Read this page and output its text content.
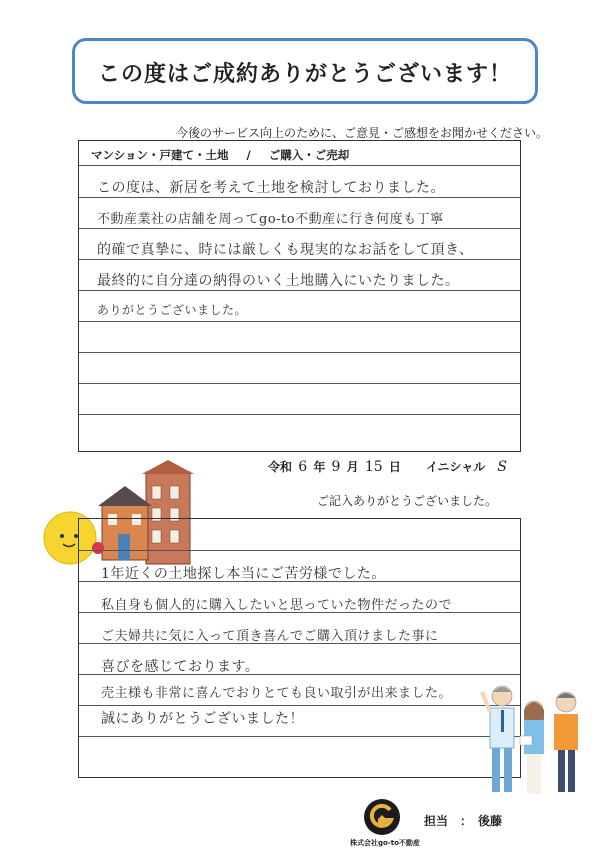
この度はご成約ありがとうございます！
今後のサービス向上のために、ご意見・ご感想をお聞かせください。
マンション・戸建て・土地 / ご購入・ご売却
この度は、新居を考えて土地を検討しておりました。
不動産業社の店舗を周ってgo-to不動産に行き何度も丁寧
的確で真摯に、時には厳しくも現実的なお話をして頂き、
最終的に自分達の納得のいく土地購入にいたりました。
ありがとうございました。
令和 6 年 9 月 15 日 イニシャル S
ご記入ありがとうございました。
1年近くの土地探し本当にご苦労様でした。
私自身も個人的に購入したいと思っていた物件だったので
ご夫婦共に気に入って頂き喜んでご購入頂けました事に
喜びを感じております。
売主様も非常に喜んでおりとても良い取引が出来ました。
誠にありがとうございました！
株式会社go-to不動産
担当　：　後藤
